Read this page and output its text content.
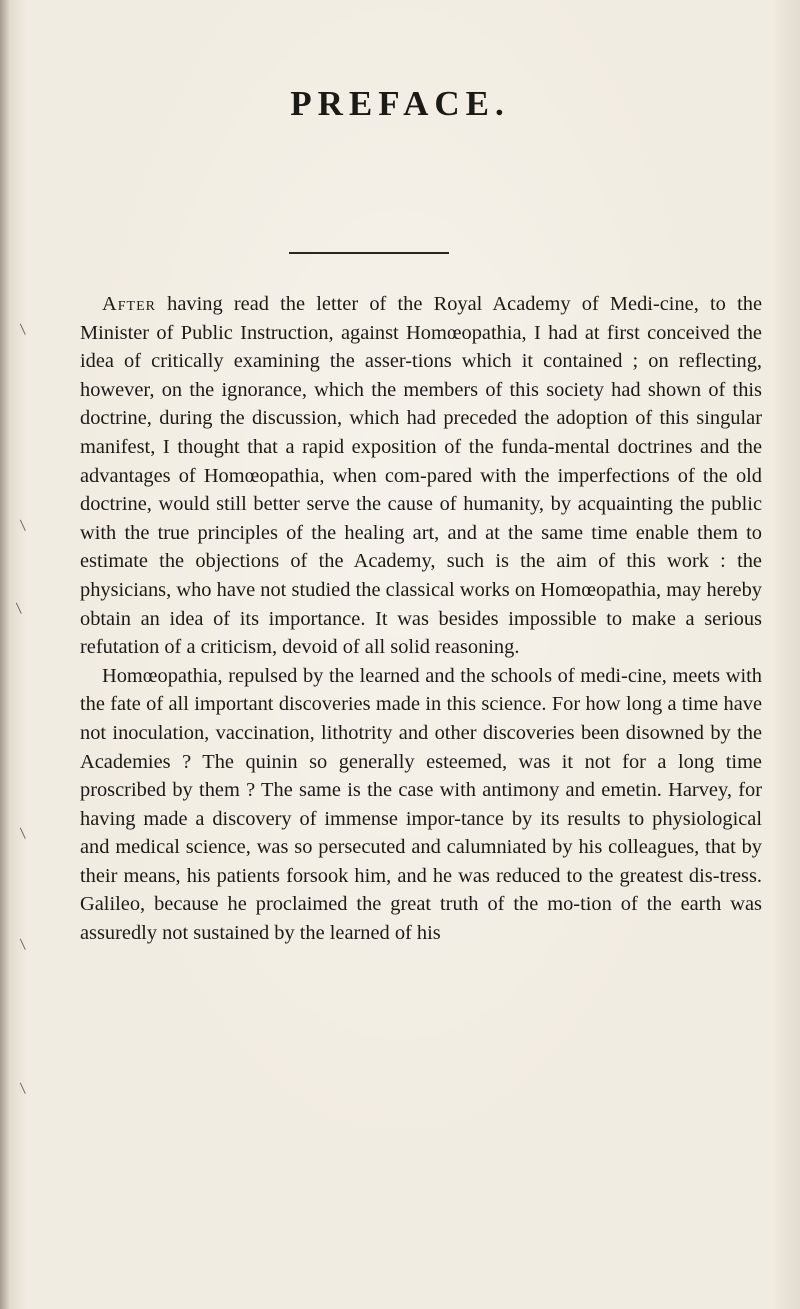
PREFACE.

After having read the letter of the Royal Academy of Medi-cine, to the Minister of Public Instruction, against Homœopathia, I had at first conceived the idea of critically examining the asser-tions which it contained ; on reflecting, however, on the ignorance, which the members of this society had shown of this doctrine, during the discussion, which had preceded the adoption of this singular manifest, I thought that a rapid exposition of the funda-mental doctrines and the advantages of Homœopathia, when com-pared with the imperfections of the old doctrine, would still better serve the cause of humanity, by acquainting the public with the true principles of the healing art, and at the same time enable them to estimate the objections of the Academy, such is the aim of this work : the physicians, who have not studied the classical works on Homœopathia, may hereby obtain an idea of its importance. It was besides impossible to make a serious refutation of a criticism, devoid of all solid reasoning.

Homœopathia, repulsed by the learned and the schools of medi-cine, meets with the fate of all important discoveries made in this science. For how long a time have not inoculation, vaccination, lithotrity and other discoveries been disowned by the Academies ? The quinin so generally esteemed, was it not for a long time proscribed by them ? The same is the case with antimony and emetin. Harvey, for having made a discovery of immense impor-tance by its results to physiological and medical science, was so persecuted and calumniated by his colleagues, that by their means, his patients forsook him, and he was reduced to the greatest dis-tress. Galileo, because he proclaimed the great truth of the mo-tion of the earth was assuredly not sustained by the learned of his
